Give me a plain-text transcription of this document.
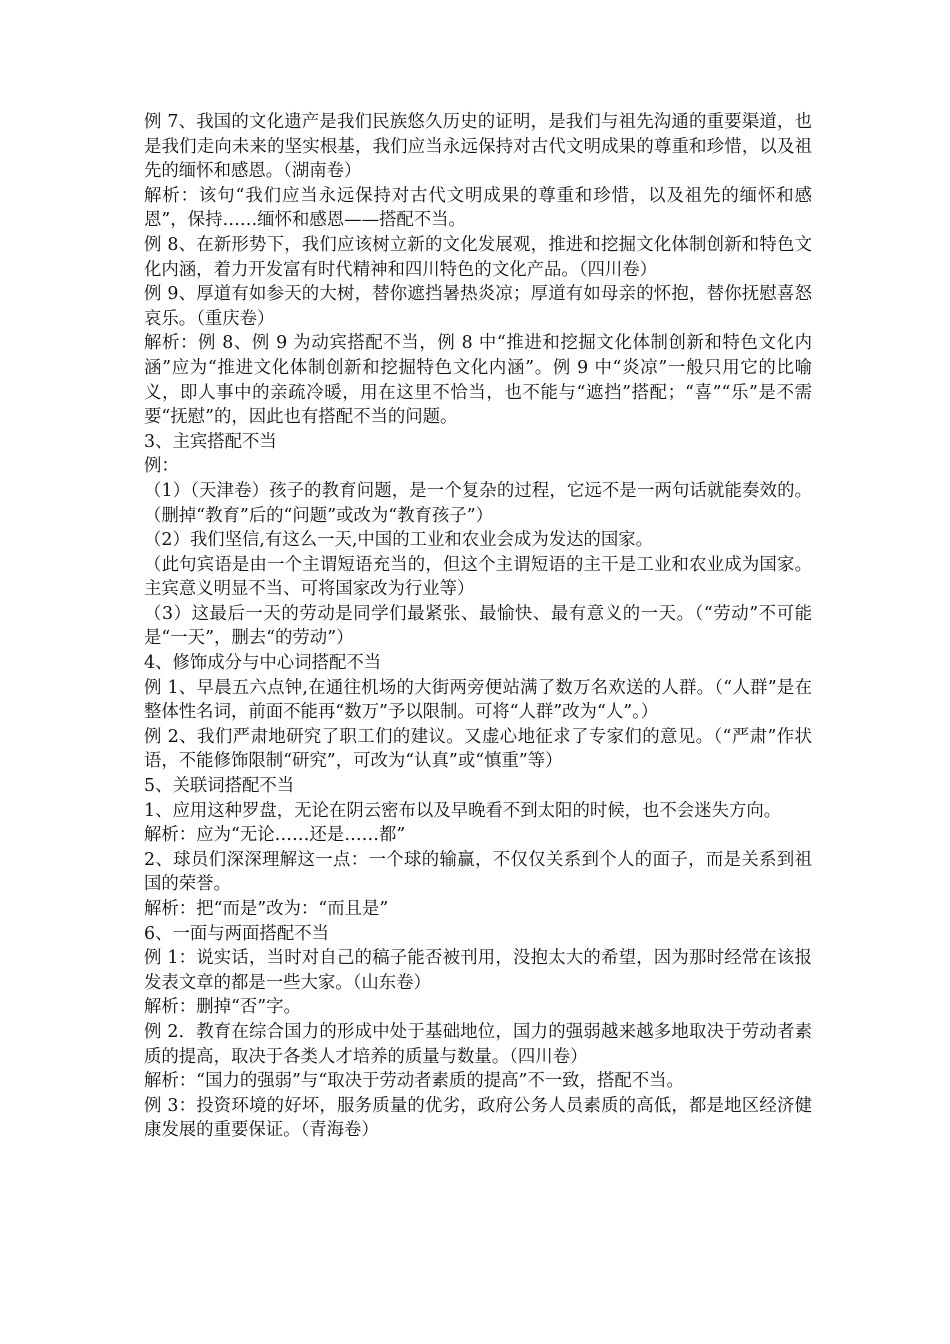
例 7、我国的文化遗产是我们民族悠久历史的证明，是我们与祖先沟通的重要渠道，也是我们走向未来的坚实根基，我们应当永远保持对古代文明成果的尊重和珍惜，以及祖先的缅怀和感恩。（湖南卷）

解析：该句“我们应当永远保持对古代文明成果的尊重和珍惜，以及祖先的缅怀和感恩”，保持……缅怀和感恩——搭配不当。

例 8、在新形势下，我们应该树立新的文化发展观，推进和挖掘文化体制创新和特色文化内涵，着力开发富有时代精神和四川特色的文化产品。（四川卷）

例 9、厚道有如参天的大树，替你遮挡暑热炎凉；厚道有如母亲的怀抱，替你抚慰喜怒哀乐。（重庆卷）

解析：例 8、例 9 为动宾搭配不当，例 8 中“推进和挖掘文化体制创新和特色文化内涵”应为“推进文化体制创新和挖掘特色文化内涵”。例 9 中“炎凉”一般只用它的比喻义，即人事中的亲疏冷暖，用在这里不恰当，也不能与“遮挡”搭配；“喜”“乐”是不需要“抚慰”的，因此也有搭配不当的问题。

3、主宾搭配不当

例：

（1）（天津卷）孩子的教育问题，是一个复杂的过程，它远不是一两句话就能奏效的。（删掉“教育”后的“问题”或改为“教育孩子”）

（2）我们坚信,有这么一天,中国的工业和农业会成为发达的国家。

（此句宾语是由一个主谓短语充当的，但这个主谓短语的主干是工业和农业成为国家。主宾意义明显不当、可将国家改为行业等）

（3）这最后一天的劳动是同学们最紧张、最愉快、最有意义的一天。（“劳动”不可能是“一天”，删去“的劳动”）

4、修饰成分与中心词搭配不当

例 1、早晨五六点钟,在通往机场的大街两旁便站满了数万名欢送的人群。（“人群”是在整体性名词，前面不能再“数万”予以限制。可将“人群”改为“人”。）

例 2、我们严肃地研究了职工们的建议。又虚心地征求了专家们的意见。（“严肃”作状语，不能修饰限制“研究”，可改为“认真”或“慎重”等）

5、关联词搭配不当

1、应用这种罗盘，无论在阴云密布以及早晚看不到太阳的时候，也不会迷失方向。

解析：应为“无论……还是……都”

2、球员们深深理解这一点：一个球的输赢，不仅仅关系到个人的面子，而是关系到祖国的荣誉。

解析：把“而是”改为：“而且是”

6、一面与两面搭配不当

例 1：说实话，当时对自己的稿子能否被刊用，没抱太大的希望，因为那时经常在该报发表文章的都是一些大家。（山东卷）

解析：删掉“否”字。

例 2．教育在综合国力的形成中处于基础地位，国力的强弱越来越多地取决于劳动者素质的提高，取决于各类人才培养的质量与数量。（四川卷）

解析：“国力的强弱”与“取决于劳动者素质的提高”不一致，搭配不当。

例 3：投资环境的好坏，服务质量的优劣，政府公务人员素质的高低，都是地区经济健康发展的重要保证。（青海卷）
